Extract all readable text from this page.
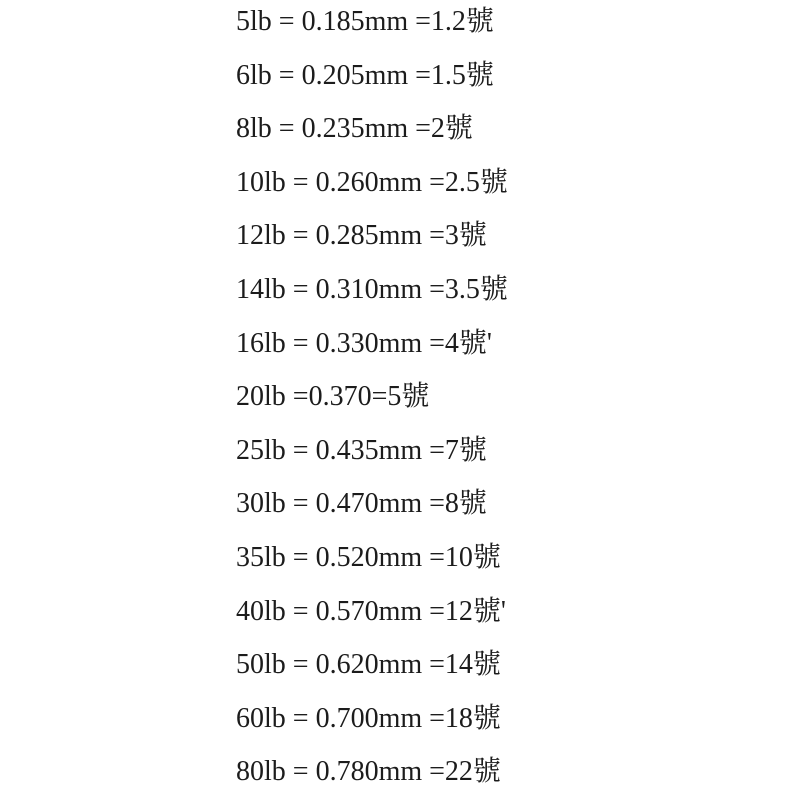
5lb = 0.185mm =1.2號
6lb = 0.205mm =1.5號
8lb = 0.235mm =2號
10lb = 0.260mm =2.5號
12lb = 0.285mm =3號
14lb = 0.310mm =3.5號
16lb = 0.330mm =4號'
20lb =0.370=5號
25lb = 0.435mm =7號
30lb = 0.470mm =8號
35lb = 0.520mm =10號
40lb = 0.570mm =12號'
50lb = 0.620mm =14號
60lb = 0.700mm =18號
80lb = 0.780mm =22號
